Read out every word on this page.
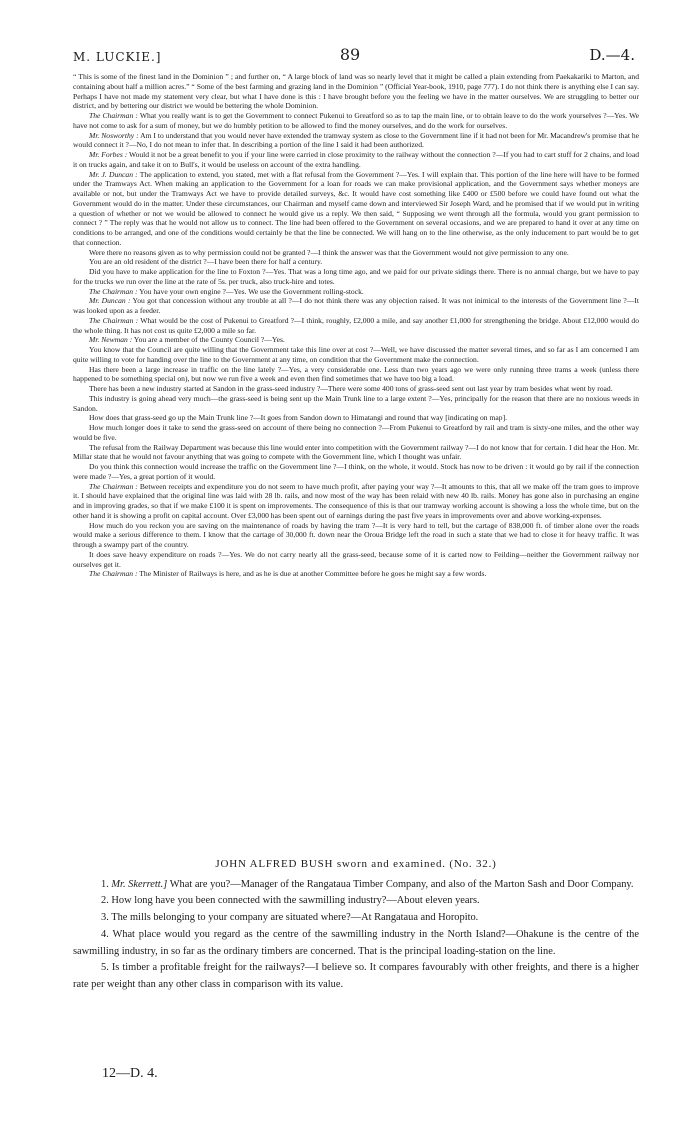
M. LUCKIE.]	89	D.—4.

“ This is some of the finest land in the Dominion ” ; and further on, “ A large block of land was so nearly level that it might be called a plain extending from Paekakariki to Marton, and containing about half a million acres.” “ Some of the best farming and grazing land in the Dominion ” (Official Year-book, 1910, page 777). I do not think there is anything else I can say. Perhaps I have not made my statement very clear, but what I have done is this : I have brought before you the feeling we have in the matter ourselves. We are struggling to better our district, and by bettering our district we would be bettering the whole Dominion.

The Chairman : What you really want is to get the Government to connect Pukenui to Greatford so as to tap the main line, or to obtain leave to do the work yourselves ?—Yes. We have not come to ask for a sum of money, but we do humbly petition to be allowed to find the money ourselves, and do the work for ourselves.

Mr. Nosworthy : Am I to understand that you would never have extended the tramway system as close to the Government line if it had not been for Mr. Macandrew's promise that he would connect it ?—No, I do not mean to infer that. In describing a portion of the line I said it had been authorized.

Mr. Forbes : Would it not be a great benefit to you if your line were carried in close proximity to the railway without the connection ?—If you had to cart stuff for 2 chains, and load it on trucks again, and take it on to Bull's, it would be useless on account of the extra handling.

Mr. J. Duncan : The application to extend, you stated, met with a flat refusal from the Government ?—Yes. I will explain that. This portion of the line here will have to be formed under the Tramways Act. When making an application to the Government for a loan for roads we can make provisional application, and the Government says whether moneys are available or not, but under the Tramways Act we have to provide detailed surveys, &c. It would have cost something like £400 or £500 before we could have found out what the Government would do in the matter. Under these circumstances, our Chairman and myself came down and interviewed Sir Joseph Ward, and he promised that if we would put in writing a question of whether or not we would be allowed to connect he would give us a reply. We then said, “ Supposing we went through all the formula, would you grant permission to connect ? ” The reply was that he would not allow us to connect. The line had been offered to the Government on several occasions, and we are prepared to hand it over at any time on conditions to be arranged, and one of the conditions would certainly be that the line be connected. We will hang on to the line otherwise, as the only inducement to part would be to get that connection.

Were there no reasons given as to why permission could not be granted ?—I think the answer was that the Government would not give permission to any one.

You are an old resident of the district ?—I have been there for half a century.

Did you have to make application for the line to Foxton ?—Yes. That was a long time ago, and we paid for our private sidings there. There is no annual charge, but we have to pay for the trucks we run over the line at the rate of 5s. per truck, also truck-hire and totes.

The Chairman : You have your own engine ?—Yes. We use the Government rolling-stock.

Mr. Duncan : You got that concession without any trouble at all ?—I do not think there was any objection raised. It was not inimical to the interests of the Government line ?—It was looked upon as a feeder.

The Chairman : What would be the cost of Pukenui to Greatford ?—I think, roughly, £2,000 a mile, and say another £1,000 for strengthening the bridge. About £12,000 would do the whole thing. It has not cost us quite £2,000 a mile so far.

Mr. Newman : You are a member of the County Council ?—Yes.

You know that the Council are quite willing that the Government take this line over at cost ?—Well, we have discussed the matter several times, and so far as I am concerned I am quite willing to vote for handing over the line to the Government at any time, on condition that the Government make the connection.

Has there been a large increase in traffic on the line lately ?—Yes, a very considerable one. Less than two years ago we were only running three trams a week (unless there happened to be something special on), but now we run five a week and even then find sometimes that we have too big a load.

There has been a new industry started at Sandon in the grass-seed industry ?—There were some 400 tons of grass-seed sent out last year by tram besides what went by road.

This industry is going ahead very much—the grass-seed is being sent up the Main Trunk line to a large extent ?—Yes, principally for the reason that there are no noxious weeds in Sandon.

How does that grass-seed go up the Main Trunk line ?—It goes from Sandon down to Himatangi and round that way [indicating on map].

How much longer does it take to send the grass-seed on account of there being no connection ?—From Pukenui to Greatford by rail and tram is sixty-one miles, and the other way would be five.

The refusal from the Railway Department was because this line would enter into competition with the Government railway ?—I do not know that for certain. I did hear the Hon. Mr. Millar state that he would not favour anything that was going to compete with the Government line, which I thought was unfair.

Do you think this connection would increase the traffic on the Government line ?—I think, on the whole, it would. Stock has now to be driven : it would go by rail if the connection were made ?—Yes, a great portion of it would.

The Chairman : Between receipts and expenditure you do not seem to have much profit, after paying your way ?—It amounts to this, that all we make off the tram goes to improve it. I should have explained that the original line was laid with 28 lb. rails, and now most of the way has been relaid with new 40 lb. rails. Money has gone also in purchasing an engine and in improving grades, so that if we make £100 it is spent on improvements. The consequence of this is that our tramway working account is showing a loss the whole time, but on the other hand it is showing a profit on capital account. Over £3,000 has been spent out of earnings during the past five years in improvements over and above working-expenses.

How much do you reckon you are saving on the maintenance of roads by having the tram ?—It is very hard to tell, but the cartage of 838,000 ft. of timber alone over the roads would make a serious difference to them. I know that the cartage of 30,000 ft. down near the Oroua Bridge left the road in such a state that we had to close it for heavy traffic. It was through a swampy part of the country.

It does save heavy expenditure on roads ?—Yes. We do not carry nearly all the grass-seed, because some of it is carted now to Feilding—neither the Government railway nor ourselves get it.

The Chairman : The Minister of Railways is here, and as he is due at another Committee before he goes he might say a few words.

JOHN ALFRED BUSH sworn and examined. (No. 32.)

1. Mr. Skerrett.] What are you?—Manager of the Rangataua Timber Company, and also of the Marton Sash and Door Company.

2. How long have you been connected with the sawmilling industry?—About eleven years.

3. The mills belonging to your company are situated where?—At Rangataua and Horopito.

4. What place would you regard as the centre of the sawmilling industry in the North Island?—Ohakune is the centre of the sawmilling industry, in so far as the ordinary timbers are concerned. That is the principal loading-station on the line.

5. Is timber a profitable freight for the railways?—I believe so. It compares favourably with other freights, and there is a higher rate per weight than any other class in comparison with its value.

12—D. 4.
